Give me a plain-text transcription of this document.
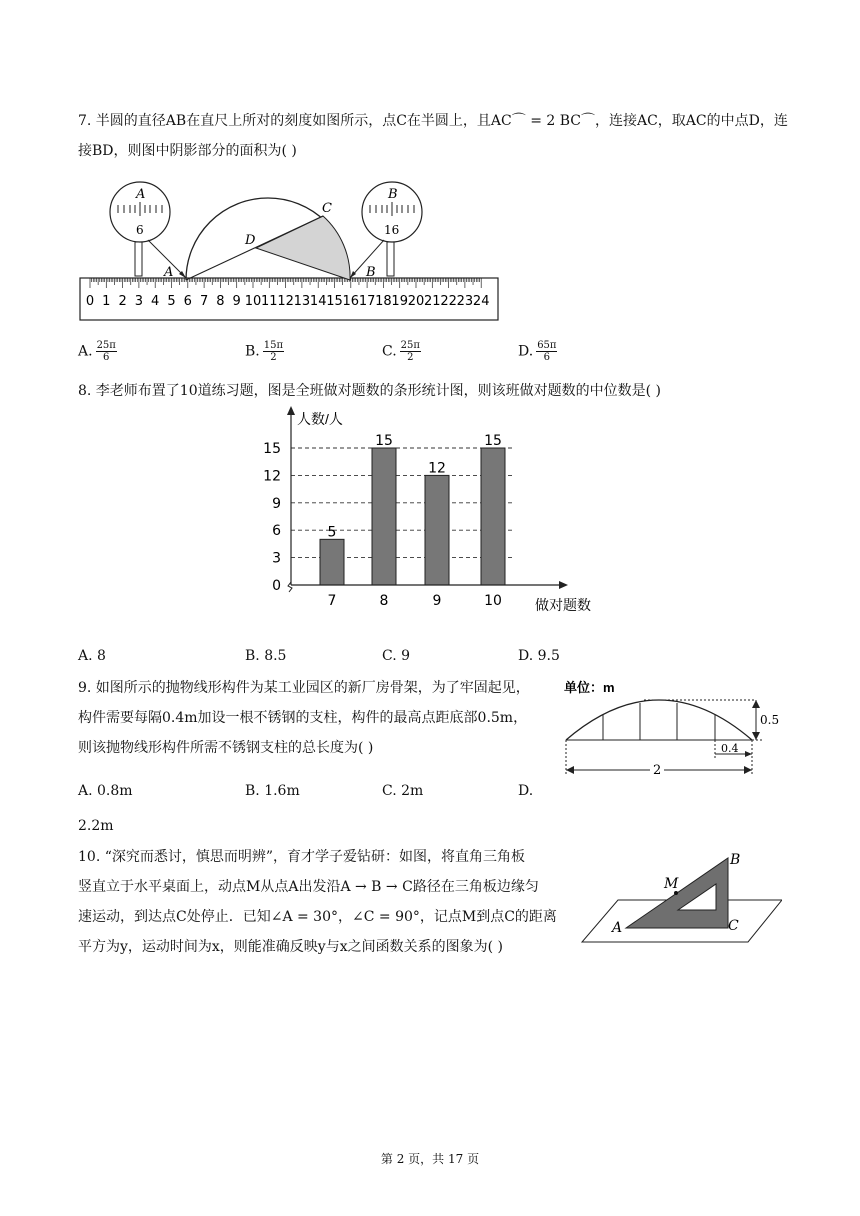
7. 半圆的直径AB在直尺上所对的刻度如图所示，点C在半圆上，且AC⌒ = 2 BC⌒，连接AC，取AC的中点D，连

接BD，则图中阴影部分的面积为( )

0 1 2 3 4 5 6 7 8 9 10 11 12 13 14 15 16 17 18 19 20 21 22 23 24
A
6
B
16
C
D
A	B
A. $\frac{25\pi}{6}$	B. $\frac{15\pi}{2}$	C. $\frac{25\pi}{2}$	D. $\frac{65\pi}{6}$

8. 李老师布置了10道练习题，图是全班做对题数的条形统计图，则该班做对题数的中位数是( )

0
3
6
9
12
15
5
7
15
8
12
9
15
10
人数/人
做对题数
A. 8	B. 8.5	C. 9	D. 9.5

9. 如图所示的抛物线形构件为某工业园区的新厂房骨架，为了牢固起见，

构件需要每隔0.4m加设一根不锈钢的支柱，构件的最高点距底部0.5m，

则该抛物线形构件所需不锈钢支柱的总长度为( )

单位：m
0.5
0.4
2
A. 0.8m	B. 1.6m	C. 2m	D.
2.2m

10. “深究而悉讨，慎思而明辨”，育才学子爱钻研：如图，将直角三角板

竖直立于水平桌面上，动点M从点A出发沿A → B → C路径在三角板边缘匀

速运动，到达点C处停止．已知∠A = 30°，∠C = 90°，记点M到点C的距离

平方为y，运动时间为x，则能准确反映y与x之间函数关系的图象为( )

B
M
A	C
第 2 页，共 17 页
